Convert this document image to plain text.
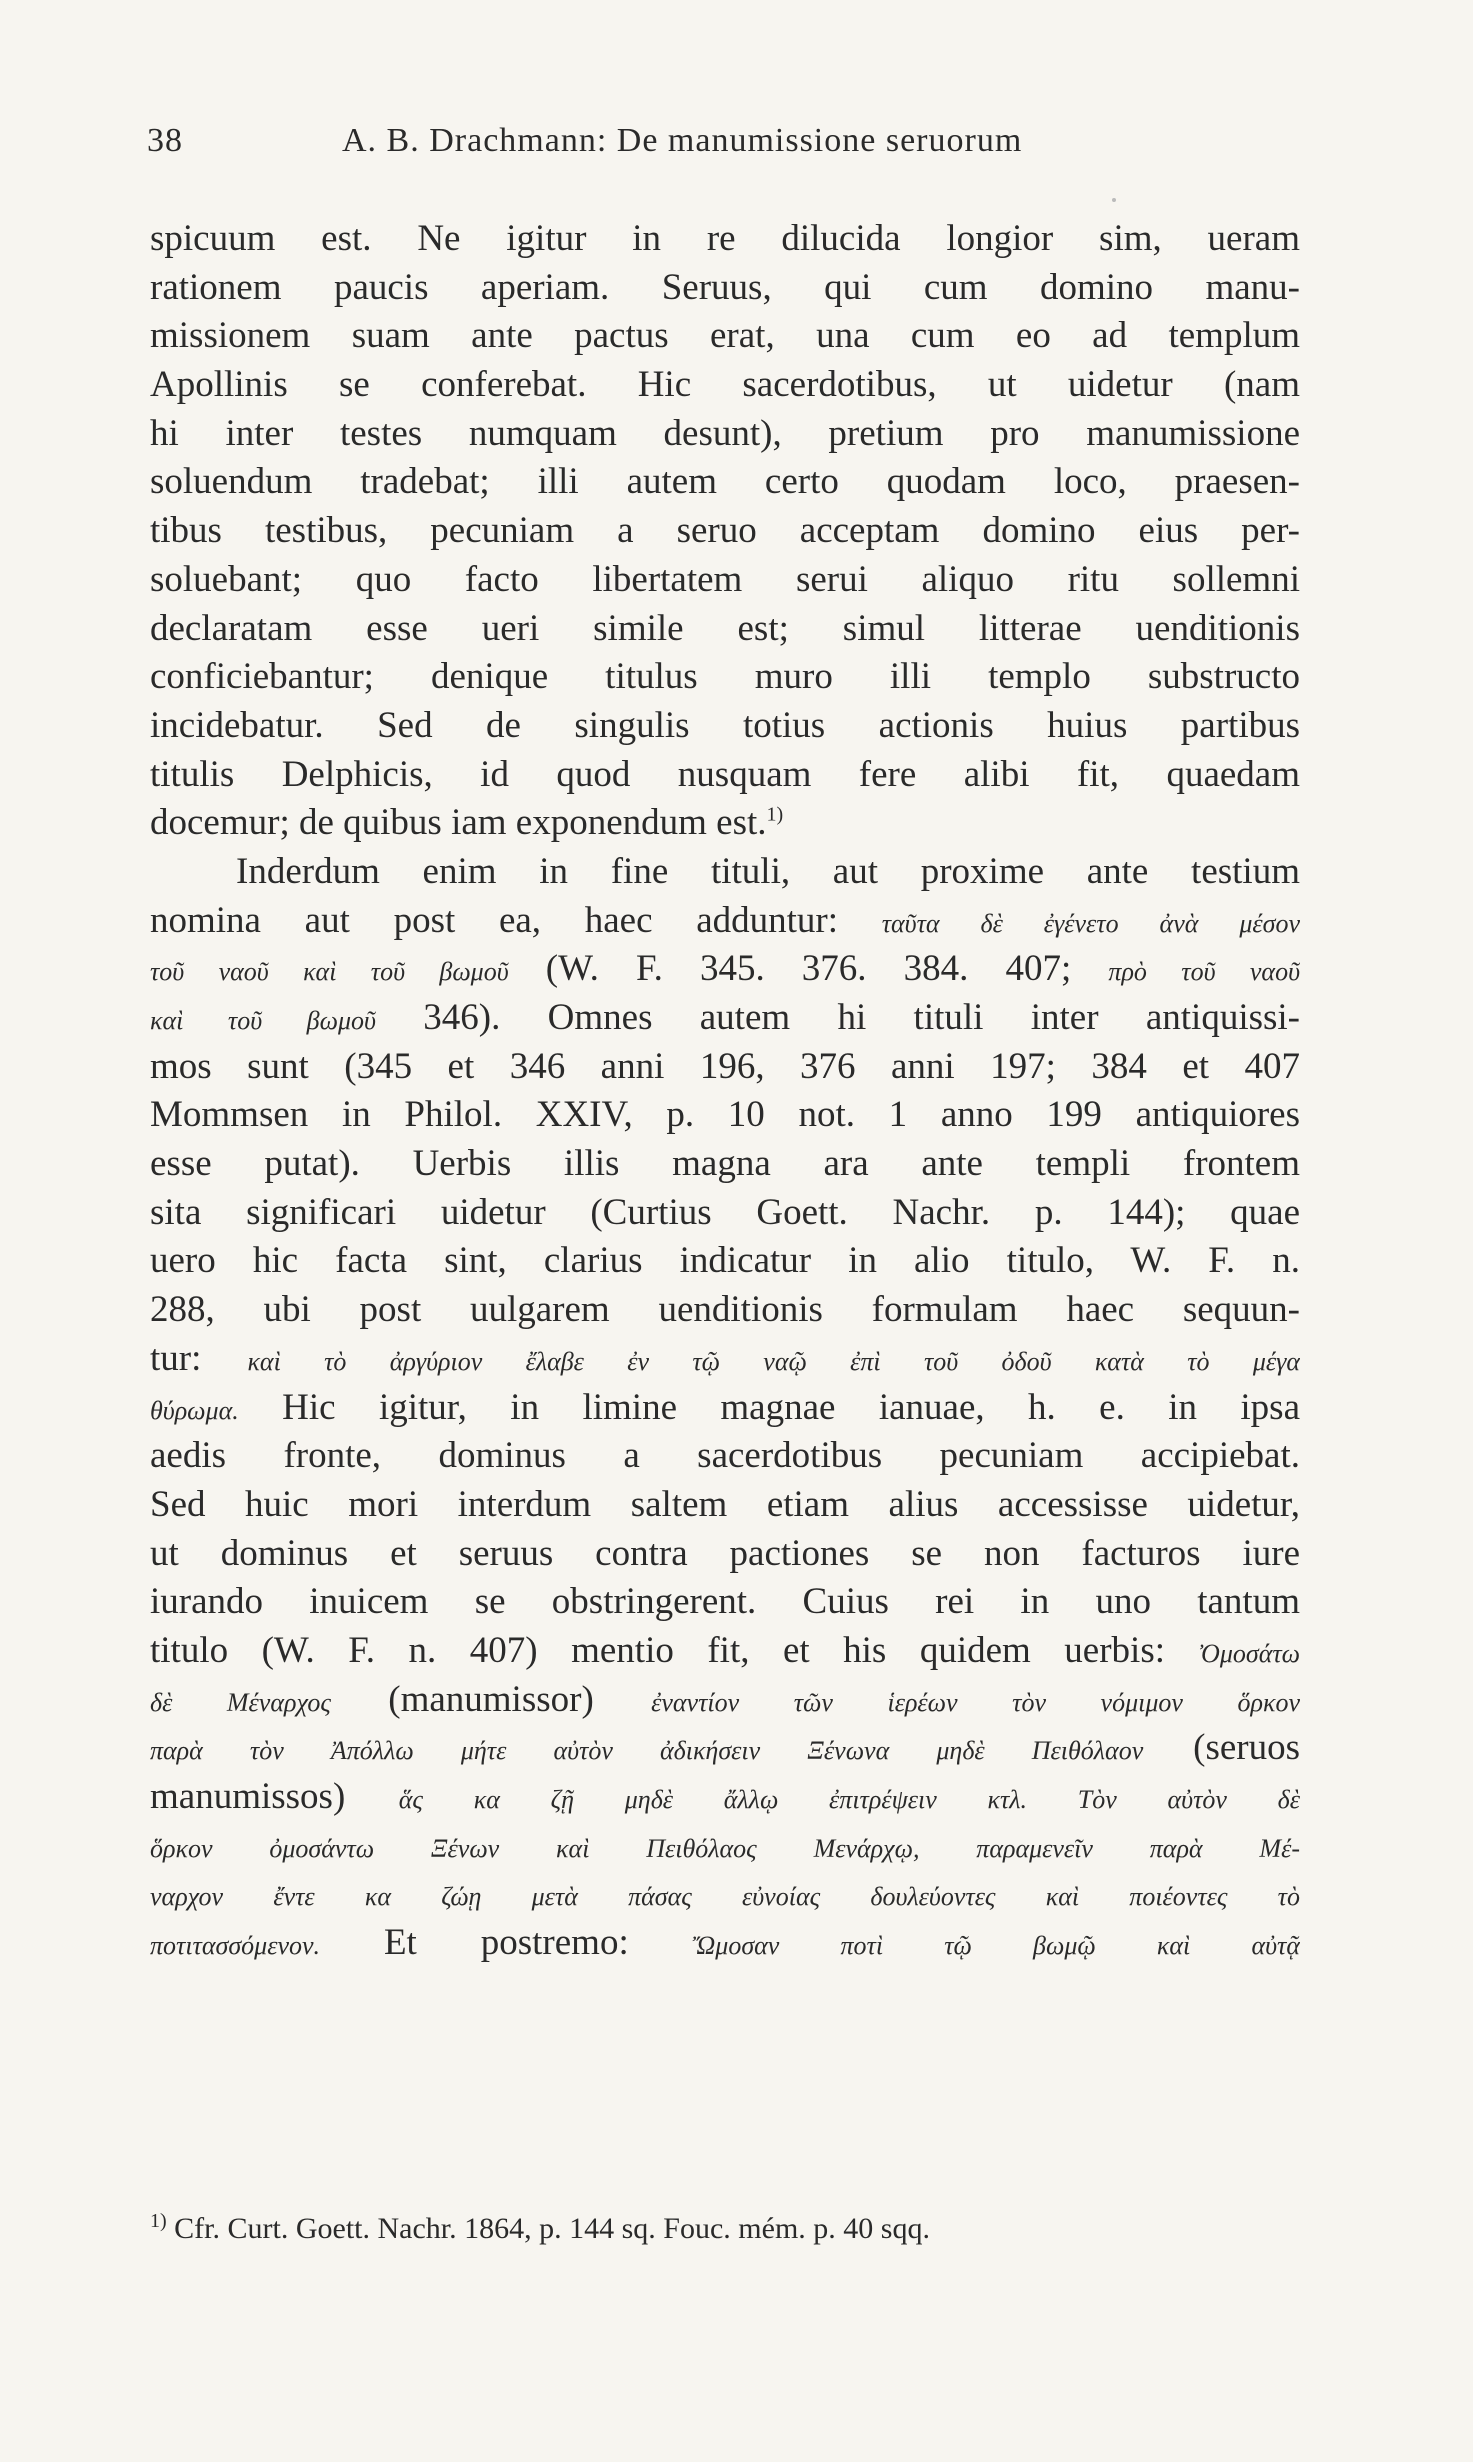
38	A. B. Drachmann: De manumissione seruorum
spicuum est. Ne igitur in re dilucida longior sim, ueram
rationem paucis aperiam. Seruus, qui cum domino manu-
missionem suam ante pactus erat, una cum eo ad templum
Apollinis se conferebat. Hic sacerdotibus, ut uidetur (nam
hi inter testes numquam desunt), pretium pro manumissione
soluendum tradebat; illi autem certo quodam loco, praesen-
tibus testibus, pecuniam a seruo acceptam domino eius per-
soluebant; quo facto libertatem serui aliquo ritu sollemni
declaratam esse ueri simile est; simul litterae uenditionis
conficiebantur; denique titulus muro illi templo substructo
incidebatur. Sed de singulis totius actionis huius partibus
titulis Delphicis, id quod nusquam fere alibi fit, quaedam
docemur; de quibus iam exponendum est.$^{1)}$
Inderdum enim in fine tituli, aut proxime ante testium
nomina aut post ea, haec adduntur: ταῦτα δὲ ἐγένετο ἀνὰ μέσον
τοῦ ναοῦ καὶ τοῦ βωμοῦ (W. F. 345. 376. 384. 407; πρὸ τοῦ ναοῦ
καὶ τοῦ βωμοῦ 346). Omnes autem hi tituli inter antiquissi-
mos sunt (345 et 346 anni 196, 376 anni 197; 384 et 407
Mommsen in Philol. XXIV, p. 10 not. 1 anno 199 antiquiores
esse putat). Uerbis illis magna ara ante templi frontem
sita significari uidetur (Curtius Goett. Nachr. p. 144); quae
uero hic facta sint, clarius indicatur in alio titulo, W. F. n.
288, ubi post uulgarem uenditionis formulam haec sequun-
tur: καὶ τὸ ἀργύριον ἔλαβε ἐν τῷ ναῷ ἐπὶ τοῦ ὀδοῦ κατὰ τὸ μέγα
θύρωμα. Hic igitur, in limine magnae ianuae, h. e. in ipsa
aedis fronte, dominus a sacerdotibus pecuniam accipiebat.
Sed huic mori interdum saltem etiam alius accessisse uidetur,
ut dominus et seruus contra pactiones se non facturos iure
iurando inuicem se obstringerent. Cuius rei in uno tantum
titulo (W. F. n. 407) mentio fit, et his quidem uerbis: Ὀμοσάτω
δὲ Μέναρχος (manumissor) ἐναντίον τῶν ἱερέων τὸν νόμιμον ὅρκον
παρὰ τὸν Ἀπόλλω μήτε αὐτὸν ἀδικήσειν Ξένωνα μηδὲ Πειθόλαον (seruos
manumissos) ἅς κα ζῇ μηδὲ ἄλλῳ ἐπιτρέψειν κτλ. Τὸν αὐτὸν δὲ
ὅρκον ὀμοσάντω Ξένων καὶ Πειθόλαος Μενάρχῳ, παραμενεῖν παρὰ Μέ-
ναρχον ἔντε κα ζώῃ μετὰ πάσας εὐνοίας δουλεύοντες καὶ ποιέοντες τὸ
ποτιτασσόμενον. Et postremo: Ὤμοσαν ποτὶ τῷ βωμῷ καὶ αὐτᾷ
$^{1)}$ Cfr. Curt. Goett. Nachr. 1864, p. 144 sq. Fouc. mém. p. 40 sqq.
